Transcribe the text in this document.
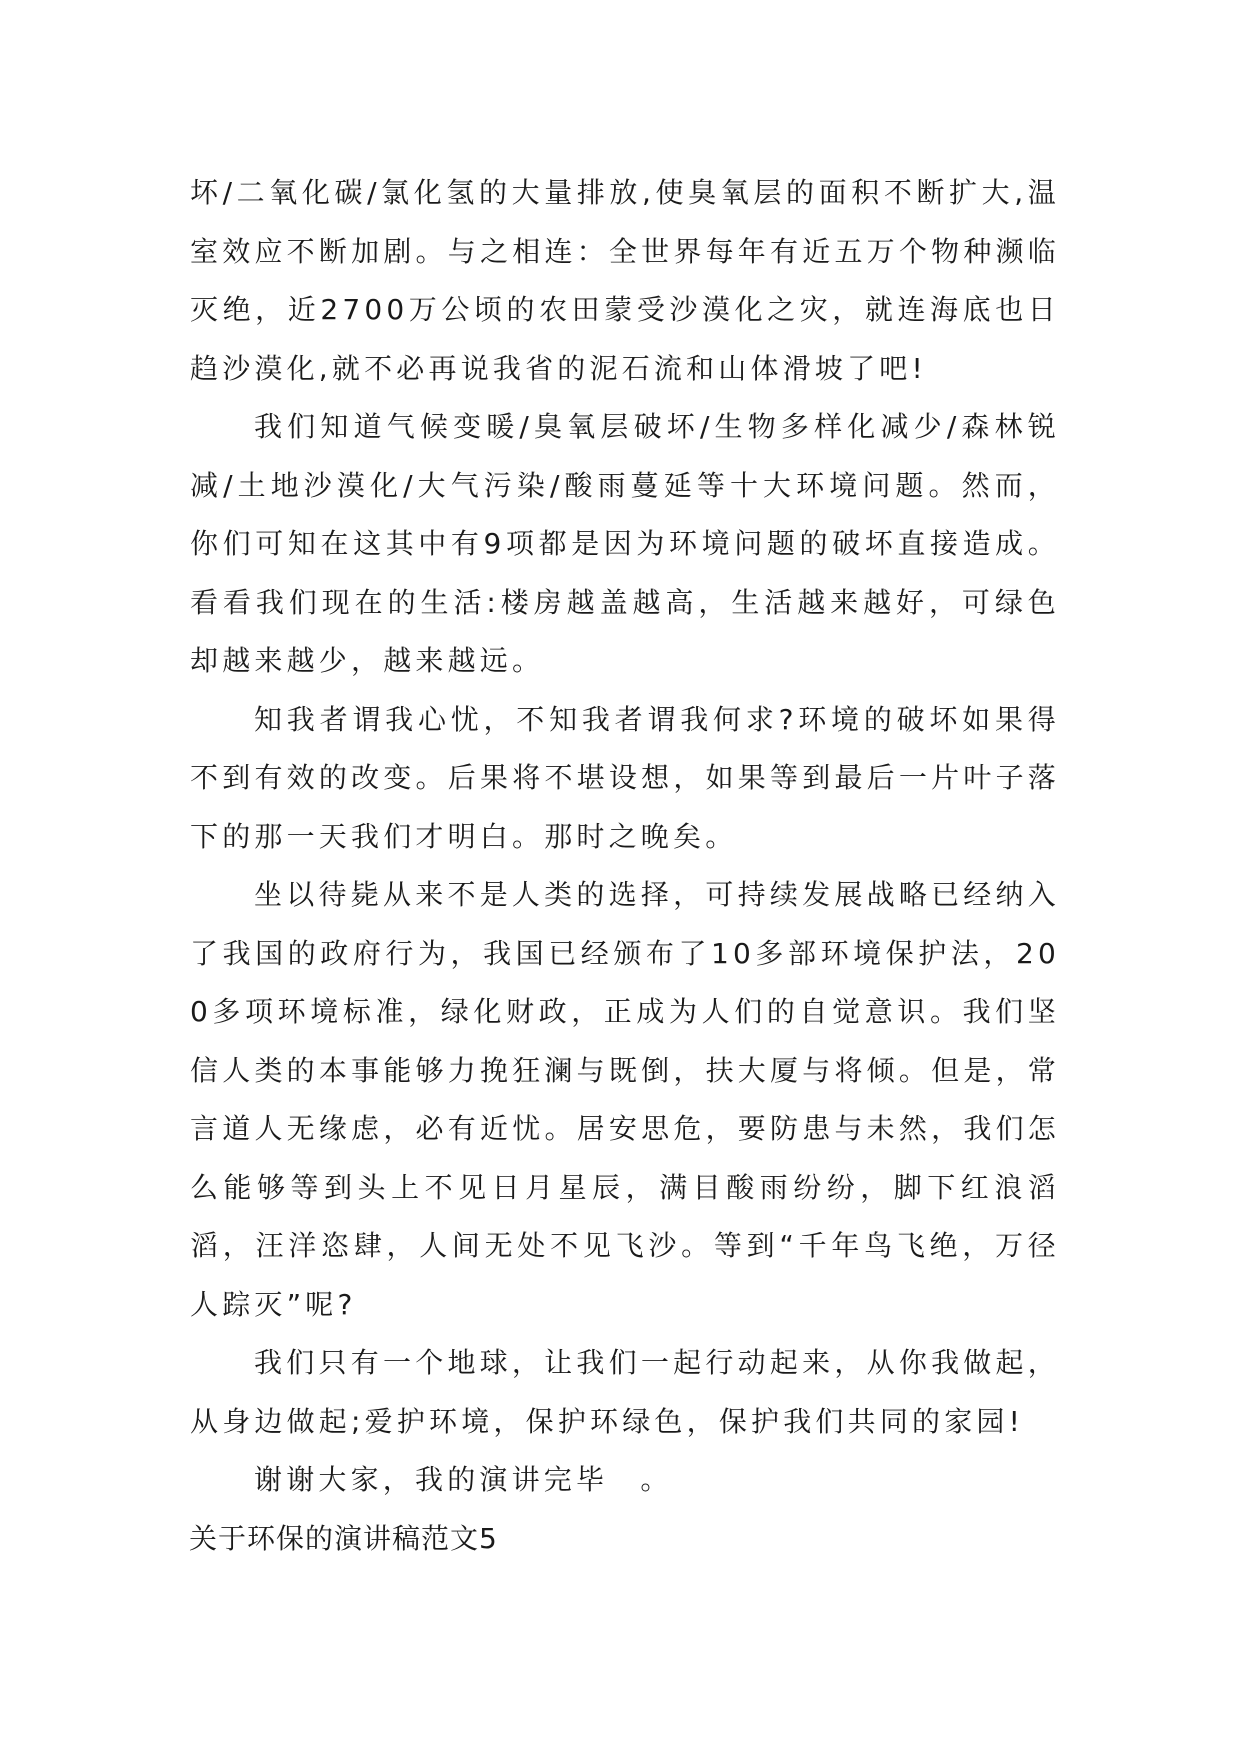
坏/二氧化碳/氯化氢的大量排放,使臭氧层的面积不断扩大,温室效应不断加剧。与之相连：全世界每年有近五万个物种濒临灭绝，近2700万公顷的农田蒙受沙漠化之灾，就连海底也日趋沙漠化,就不必再说我省的泥石流和山体滑坡了吧!

我们知道气候变暖/臭氧层破坏/生物多样化减少/森林锐减/土地沙漠化/大气污染/酸雨蔓延等十大环境问题。然而，你们可知在这其中有9项都是因为环境问题的破坏直接造成。看看我们现在的生活:楼房越盖越高，生活越来越好，可绿色却越来越少，越来越远。

知我者谓我心忧，不知我者谓我何求?环境的破坏如果得不到有效的改变。后果将不堪设想，如果等到最后一片叶子落下的那一天我们才明白。那时之晚矣。

坐以待毙从来不是人类的选择，可持续发展战略已经纳入了我国的政府行为，我国已经颁布了10多部环境保护法，200多项环境标准，绿化财政，正成为人们的自觉意识。我们坚信人类的本事能够力挽狂澜与既倒，扶大厦与将倾。但是，常言道人无缘虑，必有近忧。居安思危，要防患与未然，我们怎么能够等到头上不见日月星辰，满目酸雨纷纷，脚下红浪滔滔，汪洋恣肆，人间无处不见飞沙。等到“千年鸟飞绝，万径人踪灭”呢?

我们只有一个地球，让我们一起行动起来，从你我做起，从身边做起;爱护环境，保护环绿色，保护我们共同的家园!

谢谢大家，我的演讲完毕　。

关于环保的演讲稿范文5
